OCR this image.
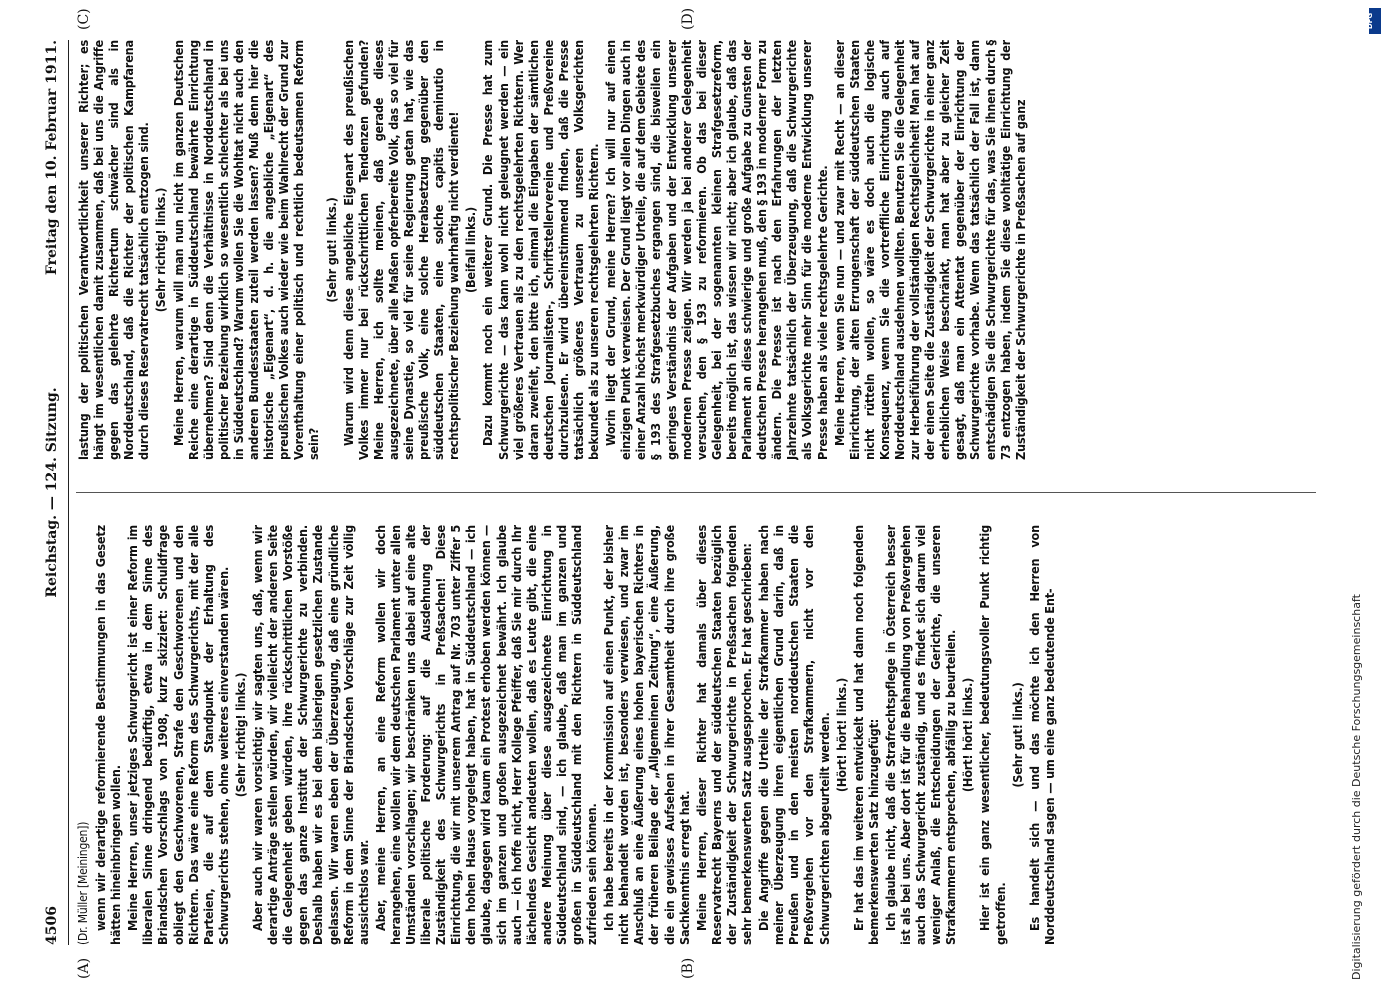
4506
Reichstag. — 124. Sitzung.
Freitag den 10. Februar 1911.
(A)	(B)
(C)	(D)

(Dr. Müller [Meiningen]) wenn wir derartige reformierende Bestimmungen in das Gesetz hätten hineinbringen wollen. Meine Herren, unser jetziges Schwurgericht ist einer Reform im liberalen Sinne dringend bedürftig, etwa in dem Sinne des Briandschen Vorschlags von 1908, kurz skizziert: Schuldfrage obliegt den Geschworenen, Strafe den Geschworenen und den Richtern. Das wäre eine Reform des Schwurgerichts, mit der alle Parteien, die auf dem Standpunkt der Erhaltung des Schwurgerichts stehen, ohne weiteres einverstanden wären. (Sehr richtig! links.) Aber auch wir waren vorsichtig; wir sagten uns, daß, wenn wir derartige Anträge stellen würden, wir vielleicht der anderen Seite die Gelegenheit geben würden, ihre rückschrittlichen Vorstöße gegen das ganze Institut der Schwurgerichte zu verbinden. Deshalb haben wir es bei dem bisherigen gesetzlichen Zustande gelassen. Wir waren eben der Überzeugung, daß eine gründliche Reform in dem Sinne der Briandschen Vorschläge zur Zeit völlig aussichtslos war. Aber, meine Herren, an eine Reform wollen wir doch herangehen, eine wollen wir dem deutschen Parlament unter allen Umständen vorschlagen; wir beschränken uns dabei auf eine alte liberale politische Forderung: auf die Ausdehnung der Zuständigkeit des Schwurgerichts in Preßsachen! Diese Einrichtung, die wir mit unserem Antrag auf Nr. 703 unter Ziffer 5 dem hohen Hause vorgelegt haben, hat in Süddeutschland — ich glaube, dagegen wird kaum ein Protest erhoben werden können — sich im ganzen und großen ausgezeichnet bewährt. Ich glaube auch — ich hoffe nicht, Herr Kollege Pfeiffer, daß Sie mir durch Ihr lächelndes Gesicht andeuten wollen, daß es Leute gibt, die eine andere Meinung über diese ausgezeichnete Einrichtung in Süddeutschland sind, — ich glaube, daß man im ganzen und großen in Süddeutschland mit den Richtern in Süddeutschland zufrieden sein können. Ich habe bereits in der Kommission auf einen Punkt, der bisher nicht behandelt worden ist, besonders verwiesen, und zwar im Anschluß an eine Äußerung eines hohen bayerischen Richters in der früheren Beilage der „Allgemeinen Zeitung“, eine Äußerung, die ein gewisses Aufsehen in ihrer Gesamtheit durch ihre große Sachkenntnis erregt hat. Meine Herren, dieser Richter hat damals über dieses Reservatrecht Bayerns und der süddeutschen Staaten bezüglich der Zuständigkeit der Schwurgerichte in Preßsachen folgenden sehr bemerkenswerten Satz ausgesprochen. Er hat geschrieben: Die Angriffe gegen die Urteile der Strafkammer haben nach meiner Überzeugung ihren eigentlichen Grund darin, daß in Preußen und in den meisten norddeutschen Staaten die Preßvergehen vor den Strafkammern, nicht vor den Schwurgerichten abgeurteilt werden. (Hört! hört! links.) Er hat das im weiteren entwickelt und hat dann noch folgenden bemerkenswerten Satz hinzugefügt: Ich glaube nicht, daß die Strafrechtspflege in Österreich besser ist als bei uns. Aber dort ist für die Behandlung von Preßvergehen auch das Schwurgericht zuständig, und es findet sich darum viel weniger Anlaß, die Entscheidungen der Gerichte, die unseren Strafkammern entsprechen, abfällig zu beurteilen. (Hört! hört! links.) Hier ist ein ganz wesentlicher, bedeutungsvoller Punkt richtig getroffen.

(Sehr gut! links.) Es handelt sich — und das möchte ich den Herren von Norddeutschland sagen — um eine ganz bedeutende Ent-

lastung der politischen Verantwortlichkeit unserer Richter; es hängt im wesentlichen damit zusammen, daß bei uns die Angriffe gegen das gelehrte Richtertum schwächer sind als in Norddeutschland, daß die Richter der politischen Kampfarena durch dieses Reservatrecht tatsächlich entzogen sind. (Sehr richtig! links.) Meine Herren, warum will man nun nicht im ganzen Deutschen Reiche eine derartige in Süddeutschland bewährte Einrichtung übernehmen? Sind denn die Verhältnisse in Norddeutschland in politischer Beziehung wirklich so wesentlich schlechter als bei uns in Süddeutschland? Warum wollen Sie die Wohltat nicht auch den anderen Bundesstaaten zuteil werden lassen? Muß denn hier die historische „Eigenart“, d. h. die angebliche „Eigenart“ des preußischen Volkes auch wieder wie beim Wahlrecht der Grund zur Vorenthaltung einer politisch und rechtlich bedeutsamen Reform sein?

(Sehr gut! links.) Warum wird denn diese angebliche Eigenart des preußischen Volkes immer nur bei rückschrittlichen Tendenzen gefunden? Meine Herren, ich sollte meinen, daß gerade dieses ausgezeichnete, über alle Maßen opferbereite Volk, das so viel für seine Dynastie, so viel für seine Regierung getan hat, wie das preußische Volk, eine solche Herabsetzung gegenüber den süddeutschen Staaten, eine solche capitis deminutio in rechtspolitischer Beziehung wahrhaftig nicht verdiente! (Beifall links.) Dazu kommt noch ein weiterer Grund. Die Presse hat zum Schwurgerichte — das kann wohl nicht geleugnet werden — ein viel größeres Vertrauen als zu den rechtsgelehrten Richtern. Wer daran zweifelt, den bitte ich, einmal die Eingaben der sämtlichen deutschen Journalisten-, Schriftstellervereine und Preßvereine durchzulesen. Er wird übereinstimmend finden, daß die Presse tatsächlich größeres Vertrauen zu unseren Volksgerichten bekundet als zu unseren rechtsgelehrten Richtern. Worin liegt der Grund, meine Herren? Ich will nur auf einen einzigen Punkt verweisen. Der Grund liegt vor allen Dingen auch in einer Anzahl höchst merkwürdiger Urteile, die auf dem Gebiete des § 193 des Strafgesetzbuches ergangen sind, die bisweilen ein geringes Verständnis der Aufgaben und der Entwicklung unserer modernen Presse zeigen. Wir werden ja bei anderer Gelegenheit versuchen, den § 193 zu reformieren. Ob das bei dieser Gelegenheit, bei der sogenannten kleinen Strafgesetzreform, bereits möglich ist, das wissen wir nicht; aber ich glaube, daß das Parlament an diese schwierige und große Aufgabe zu Gunsten der deutschen Presse herangehen muß, den § 193 in moderner Form zu ändern. Die Presse ist nach den Erfahrungen der letzten Jahrzehnte tatsächlich der Überzeugung, daß die Schwurgerichte als Volksgerichte mehr Sinn für die moderne Entwicklung unserer Presse haben als viele rechtsgelehrte Gerichte. Meine Herren, wenn Sie nun — und zwar mit Recht — an dieser Einrichtung, der alten Errungenschaft der süddeutschen Staaten nicht rütteln wollen, so wäre es doch auch die logische Konsequenz, wenn Sie die vortreffliche Einrichtung auch auf Norddeutschland ausdehnen wollten. Benutzen Sie die Gelegenheit zur Herbeiführung der vollständigen Rechtsgleichheit! Man hat auf der einen Seite die Zuständigkeit der Schwurgerichte in einer ganz erheblichen Weise beschränkt, man hat aber zu gleicher Zeit gesagt, daß man ein Attentat gegenüber der Einrichtung der Schwurgerichte vorhabe. Wenn das tatsächlich der Fall ist, dann entschädigen Sie die Schwurgerichte für das, was Sie ihnen durch § 73 entzogen haben, indem Sie diese wohltätige Einrichtung der Zuständigkeit der Schwurgerichte in Preßsachen auf ganz

Digitalisierung gefördert durch die Deutsche Forschungsgemeinschaft
DFG
